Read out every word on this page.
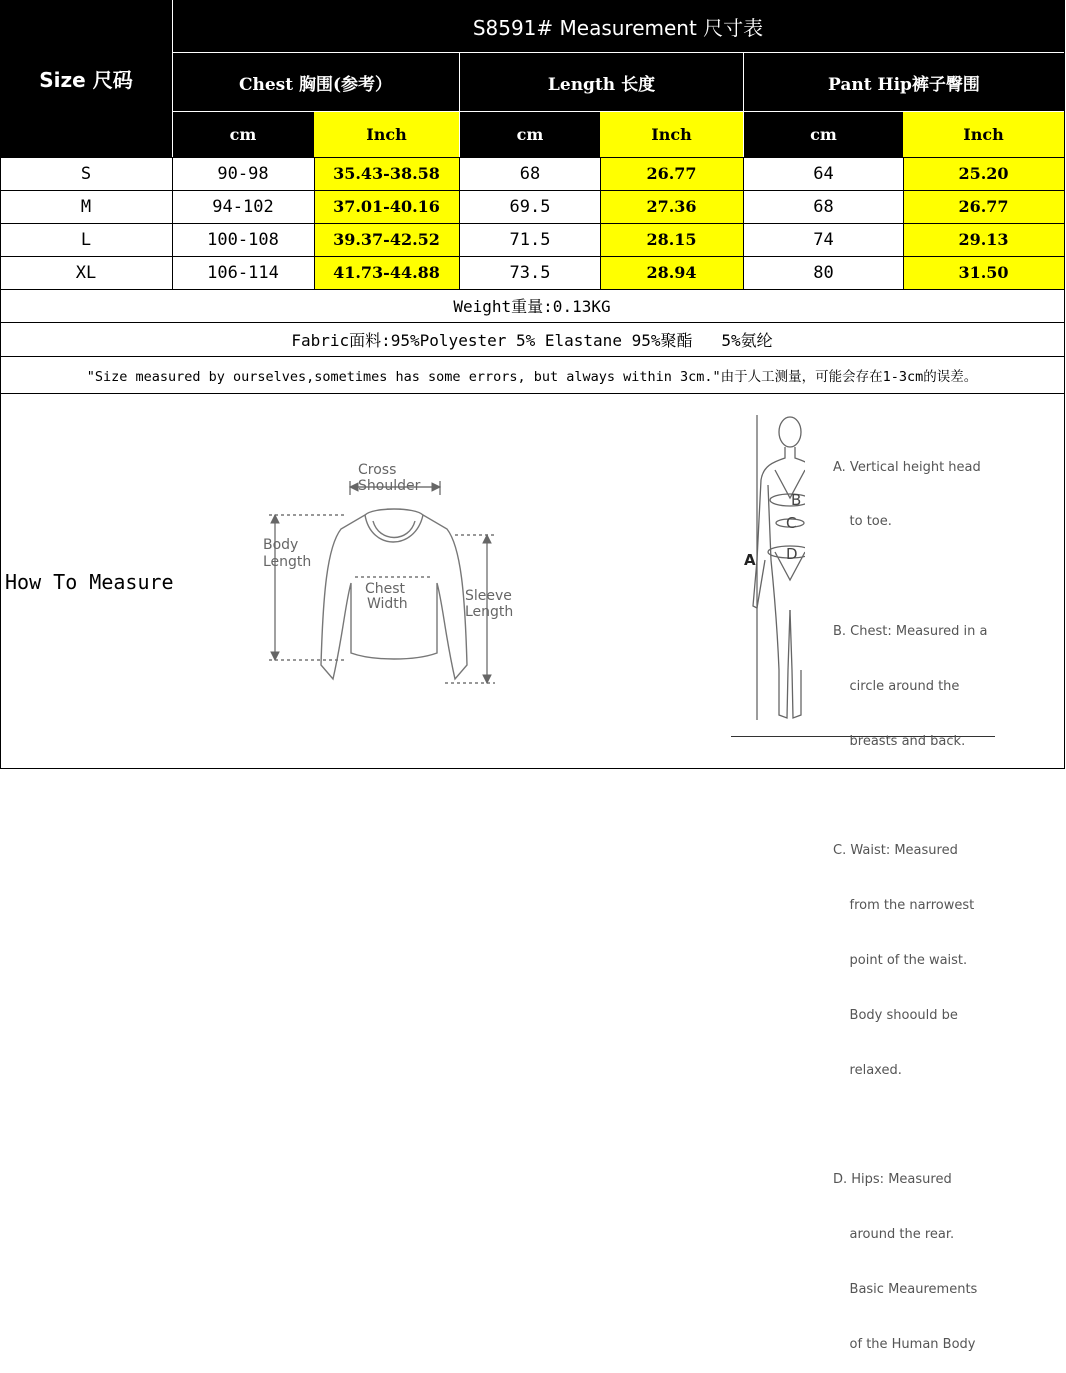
Size 尺码
S8591# Measurement 尺寸表
Chest 胸围(参考）	Length 长度	Pant Hip裤子臀围
cm	Inch	cm	Inch	cm	Inch
S	90-98	35.43-38.58	68	26.77	64	25.20
M	94-102	37.01-40.16	69.5	27.36	68	26.77
L	100-108	39.37-42.52	71.5	28.15	74	29.13
XL	106-114	41.73-44.88	73.5	28.94	80	31.50
Weight重量:0.13KG
Fabric面料:95%Polyester 5% Elastane 95%聚酯   5%氨纶
"Size measured by ourselves,sometimes has some errors, but always within 3cm."由于人工测量，可能会存在1-3cm的误差。
How To Measure
Cross
Shoulder
Body
Length
Chest
Width	Sleeve
Length
B
C
D
A

A. Vertical height head

to toe.

B. Chest: Measured in a

circle around the

breasts and back.

C. Waist: Measured

from the narrowest

point of the waist.

Body shoould be

relaxed.

D. Hips: Measured

around the rear.

Basic Meaurements

of the Human Body
